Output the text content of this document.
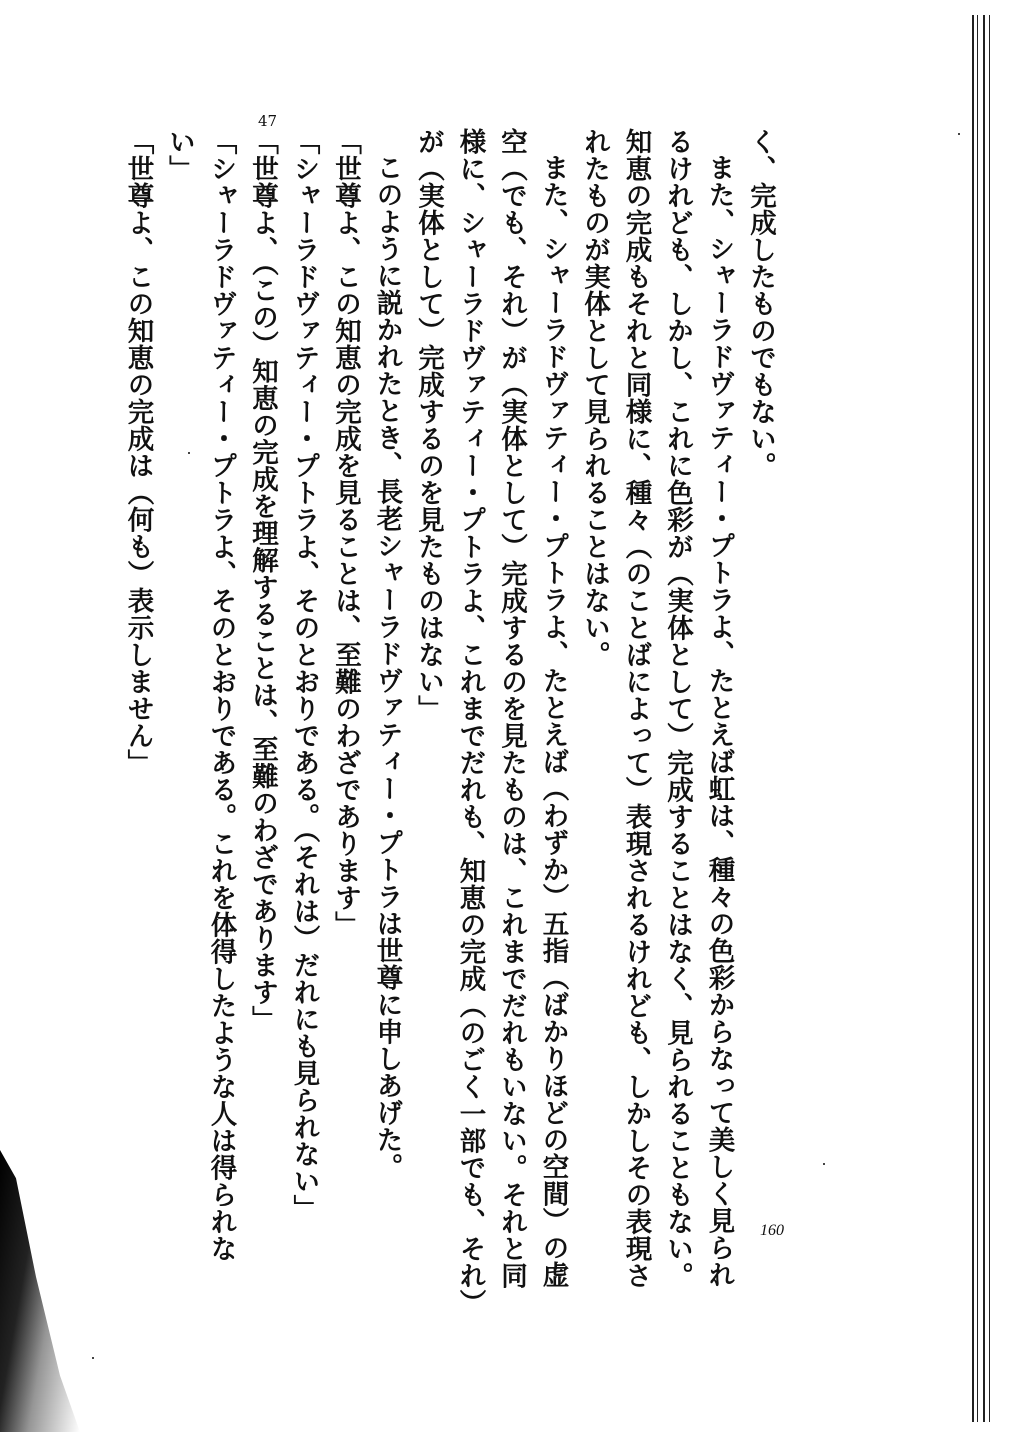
47
く、完成したものでもない。
また、シャーラドヴァティー・プトラよ、たとえば虹は、種々の色彩からなって美しく見られ
るけれども、しかし、これに色彩が（実体として）完成することはなく、見られることもない。
知恵の完成もそれと同様に、種々（のことばによって）表現されるけれども、しかしその表現さ
れたものが実体として見られることはない。
また、シャーラドヴァティー・プトラよ、たとえば（わずか）五指（ばかりほどの空間）の虚
空（でも、それ）が（実体として）完成するのを見たものは、これまでだれもいない。それと同
様に、シャーラドヴァティー・プトラよ、これまでだれも、知恵の完成（のごく一部でも、それ）
が（実体として）完成するのを見たものはない」
このように説かれたとき、長老シャーラドヴァティー・プトラは世尊に申しあげた。
「世尊よ、この知恵の完成を見ることは、至難のわざであります」
「シャーラドヴァティー・プトラよ、そのとおりである。（それは）だれにも見られない」
「世尊よ、（この）知恵の完成を理解することは、至難のわざであります」
「シャーラドヴァティー・プトラよ、そのとおりである。これを体得したような人は得られな
い」
「世尊よ、この知恵の完成は（何も）表示しません」
160
